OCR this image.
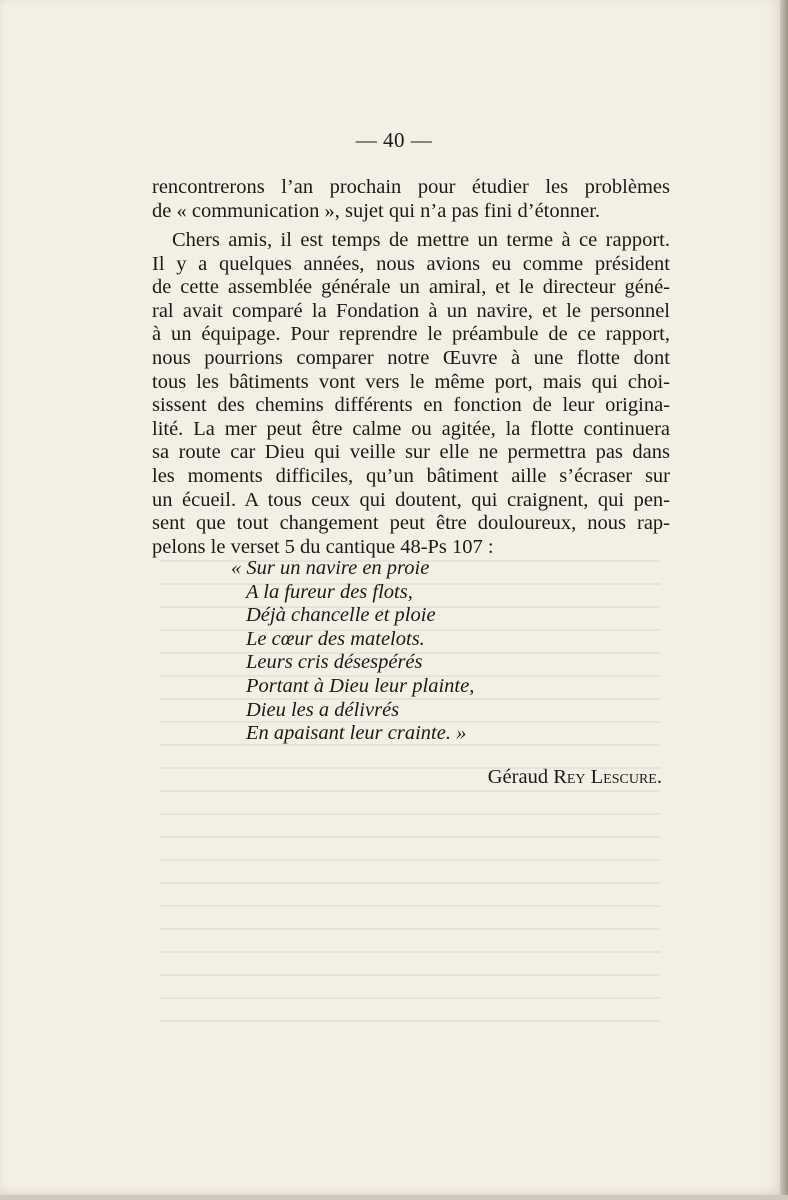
— 40 —
rencontrerons l’an prochain pour étudier les problèmes
de « communication », sujet qui n’a pas fini d’étonner.
Chers amis, il est temps de mettre un terme à ce rapport.
Il y a quelques années, nous avions eu comme président
de cette assemblée générale un amiral, et le directeur géné-
ral avait comparé la Fondation à un navire, et le personnel
à un équipage. Pour reprendre le préambule de ce rapport,
nous pourrions comparer notre Œuvre à une flotte dont
tous les bâtiments vont vers le même port, mais qui choi-
sissent des chemins différents en fonction de leur origina-
lité. La mer peut être calme ou agitée, la flotte continuera
sa route car Dieu qui veille sur elle ne permettra pas dans
les moments difficiles, qu’un bâtiment aille s’écraser sur
un écueil. A tous ceux qui doutent, qui craignent, qui pen-
sent que tout changement peut être douloureux, nous rap-
pelons le verset 5 du cantique 48-Ps 107 :
« Sur un navire en proie
A la fureur des flots,
Déjà chancelle et ploie
Le cœur des matelots.
Leurs cris désespérés
Portant à Dieu leur plainte,
Dieu les a délivrés
En apaisant leur crainte. »
Géraud Rey Lescure.
